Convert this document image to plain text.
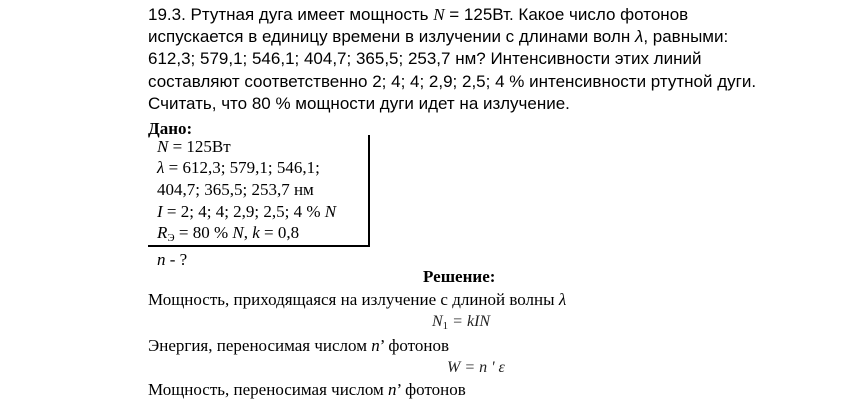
19.3. Ртутная дуга имеет мощность N = 125Вт. Какое число фотонов
испускается в единицу времени в излучении с длинами волн λ, равными:
612,3; 579,1; 546,1; 404,7; 365,5; 253,7 нм? Интенсивности этих линий
составляют соответственно 2; 4; 4; 2,9; 2,5; 4 % интенсивности ртутной дуги.
Считать, что 80 % мощности дуги идет на излучение.
Дано:
N = 125Вт
λ = 612,3; 579,1; 546,1;
404,7; 365,5; 253,7 нм
I = 2; 4; 4; 2,9; 2,5; 4 % N
$R_Э = 80$ % N, k = 0,8
n - ?
Решение:
Мощность, приходящаяся на излучение с длиной волны λ
$N_1$ = kIN
Энергия, переносимая числом n’ фотонов
W = n ' ε
Мощность, переносимая числом n’ фотонов
